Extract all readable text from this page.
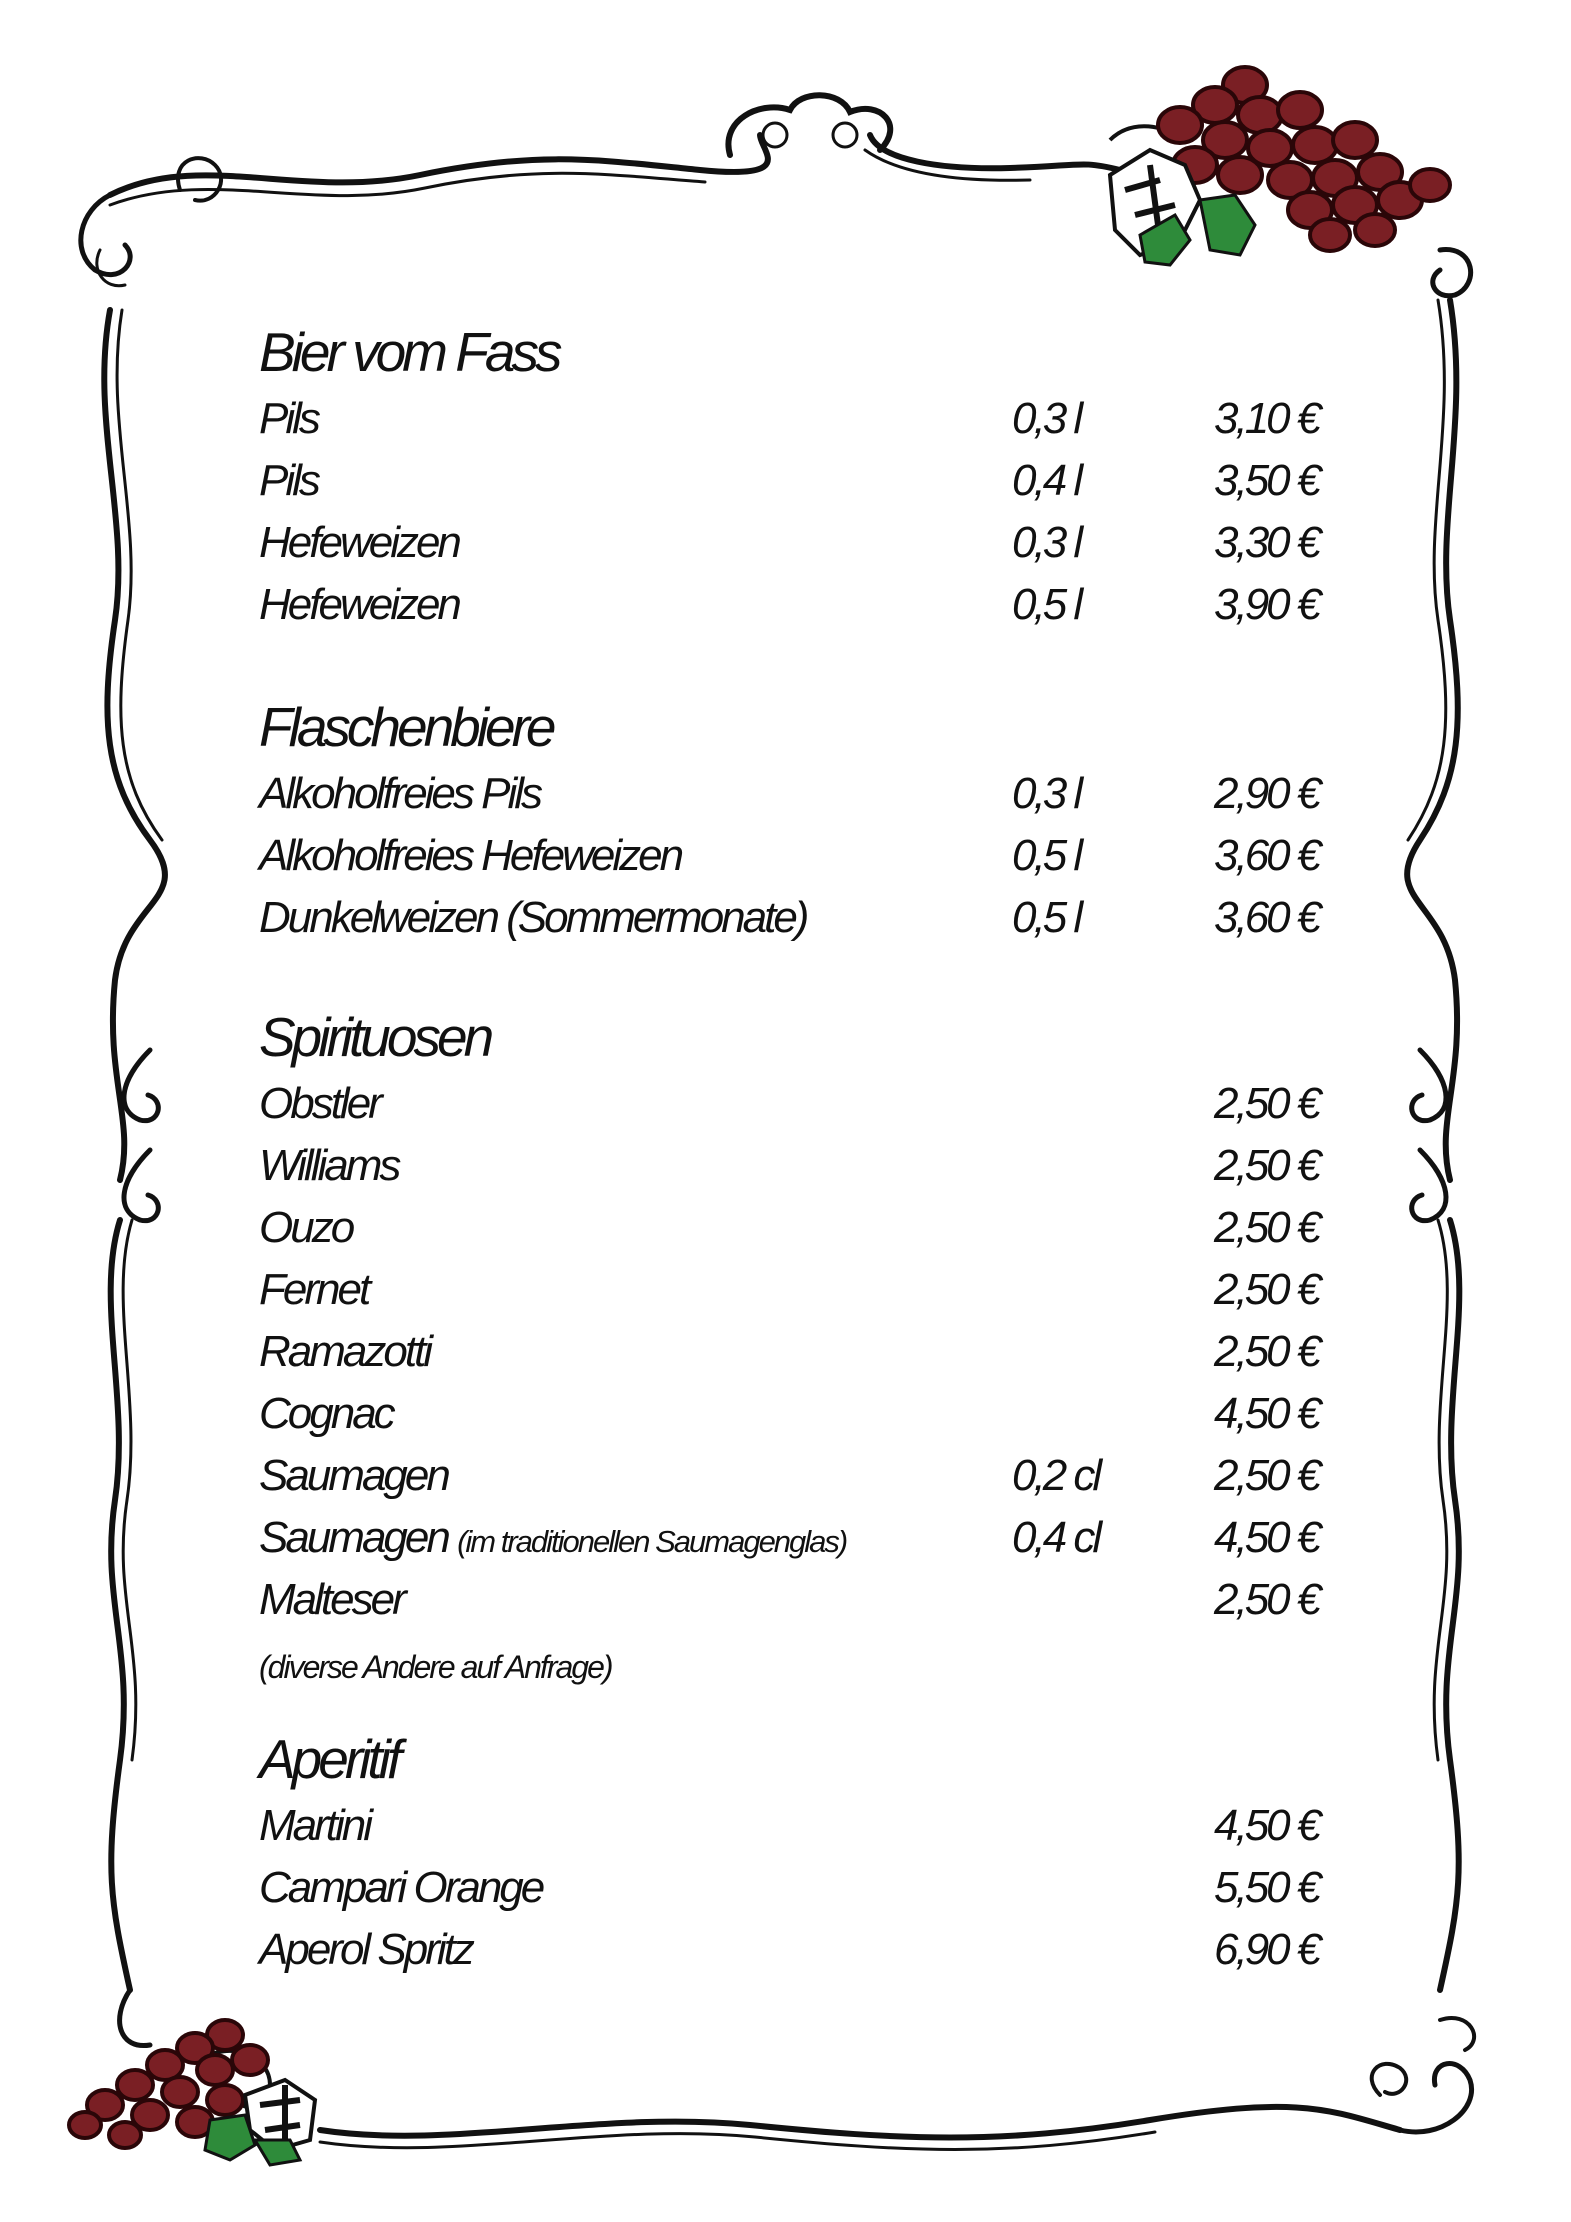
Bier vom Fass
Pils	0,3 l	3,10 €
Pils	0,4 l	3,50 €
Hefeweizen	0,3 l	3,30 €
Hefeweizen	0,5 l	3,90 €
Flaschenbiere
Alkoholfreies Pils	0,3 l	2,90 €
Alkoholfreies Hefeweizen	0,5 l	3,60 €
Dunkelweizen (Sommermonate)	0,5 l	3,60 €
Spirituosen
Obstler	2,50 €
Williams	2,50 €
Ouzo	2,50 €
Fernet	2,50 €
Ramazotti	2,50 €
Cognac	4,50 €
Saumagen	0,2 cl	2,50 €
Saumagen (im traditionellen Saumagenglas)	0,4 cl	4,50 €
Malteser	2,50 €
(diverse Andere auf Anfrage)
Aperitif
Martini	4,50 €
Campari Orange	5,50 €
Aperol Spritz	6,90 €
